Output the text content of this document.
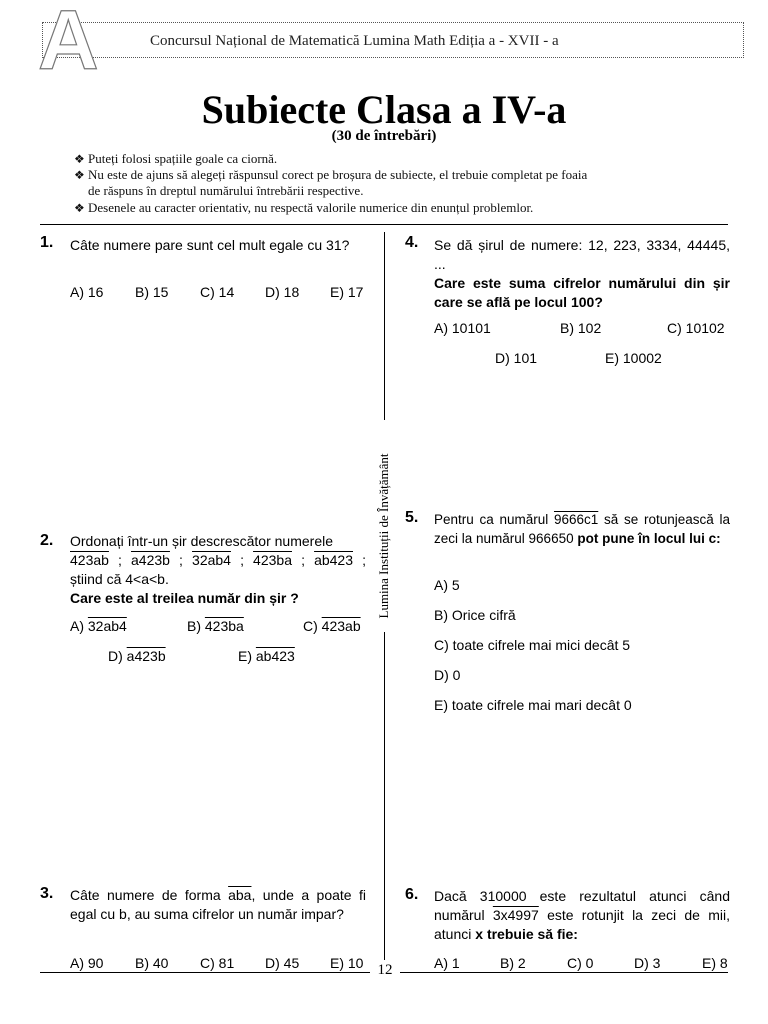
A	Concursul Național de Matematică Lumina Math Ediția a - XVII - a
Subiecte Clasa a IV-a
(30 de întrebări)
❖ Puteți folosi spațiile goale ca ciornă.
❖ Nu este de ajuns să alegeți răspunsul corect pe broșura de subiecte, el trebuie completat pe foaia
de răspuns în dreptul numărului întrebării respective.
❖ Desenele au caracter orientativ, nu respectă valorile numerice din enunțul problemlor.
Lumina Instituții de Învățământ
12
1. Câte numere pare sunt cel mult egale cu 31?
A) 16 B) 15 C) 14 D) 18 E) 17
2. Ordonați într-un șir descrescător numerele
423ab ; a423b ; 32ab4 ; 423ba ; ab423 ;
știind că 4<a<b.
Care este al treilea număr din șir ?
A) 32ab4	B) 423ba	C) 423ab
D) a423b	E) ab423
3. Câte numere de forma $\overline{aba}$, unde a poate fi egal cu b, au suma cifrelor un număr impar?
A) 90 B) 40 C) 81 D) 45 E) 10
4. Se dă șirul de numere: 12, 223, 3334, 44445, ...
Care este suma cifrelor numărului din șir care se află pe locul 100?
A) 10101	B) 102	C) 10102
D) 101	E) 10002
5. Pentru ca numărul 9666c1 să se rotunjească la zeci la numărul 966650 pot pune în locul lui c:
A) 5
B) Orice cifră
C) toate cifrele mai mici decât 5
D) 0
E) toate cifrele mai mari decât 0
6. Dacă 310000 este rezultatul atunci când numărul 3x4997 este rotunjit la zeci de mii, atunci x trebuie să fie:
A) 1	B) 2	C) 0	D) 3	E) 8
